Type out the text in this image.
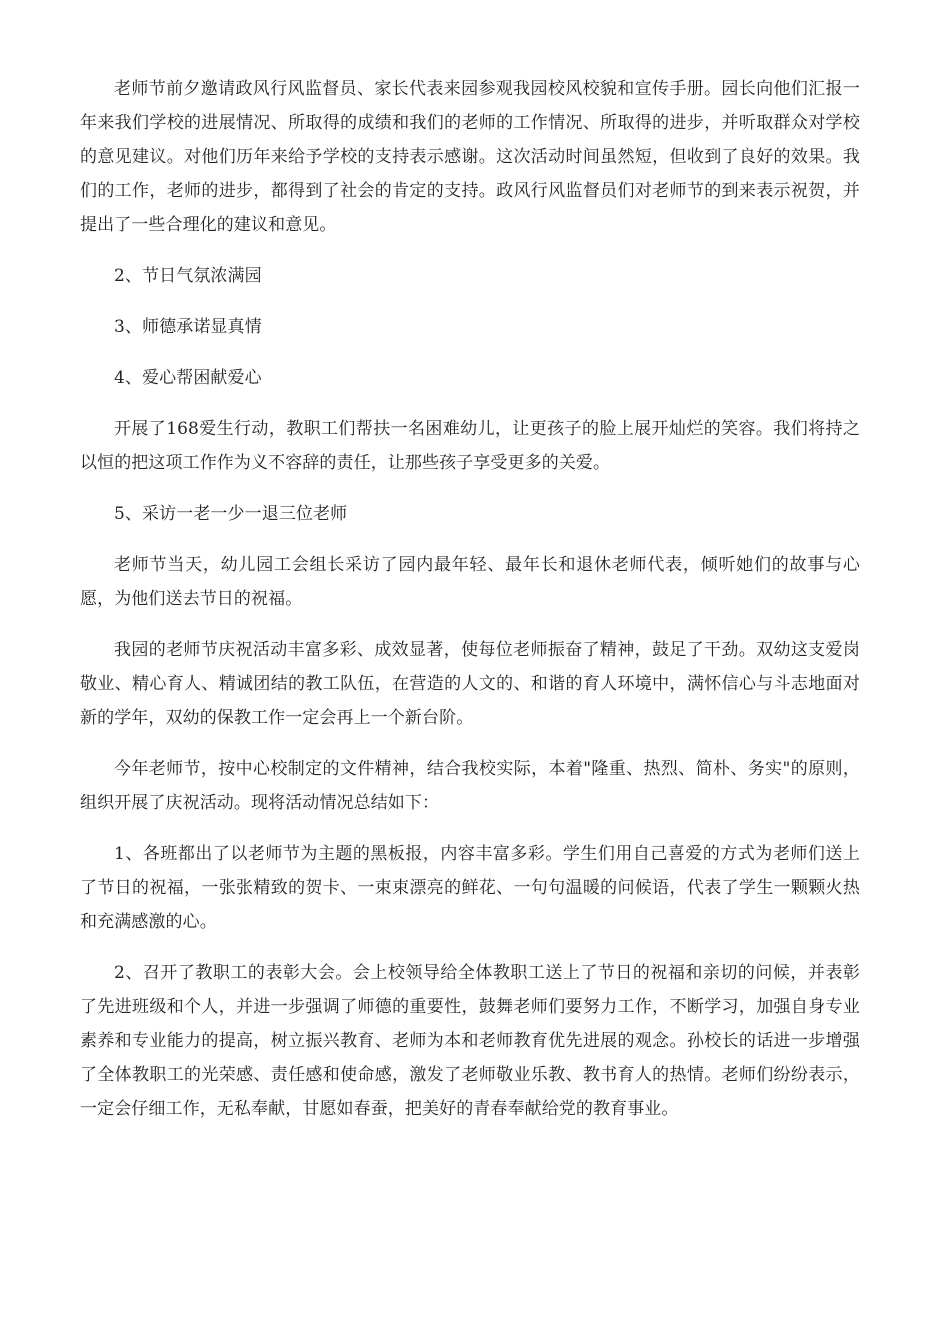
老师节前夕邀请政风行风监督员、家长代表来园参观我园校风校貌和宣传手册。园长向他们汇报一年来我们学校的进展情况、所取得的成绩和我们的老师的工作情况、所取得的进步，并听取群众对学校的意见建议。对他们历年来给予学校的支持表示感谢。这次活动时间虽然短，但收到了良好的效果。我们的工作，老师的进步，都得到了社会的肯定的支持。政风行风监督员们对老师节的到来表示祝贺，并提出了一些合理化的建议和意见。

2、节日气氛浓满园

3、师德承诺显真情

4、爱心帮困献爱心

开展了168爱生行动，教职工们帮扶一名困难幼儿，让更孩子的脸上展开灿烂的笑容。我们将持之以恒的把这项工作作为义不容辞的责任，让那些孩子享受更多的关爱。

5、采访一老一少一退三位老师

老师节当天，幼儿园工会组长采访了园内最年轻、最年长和退休老师代表，倾听她们的故事与心愿，为他们送去节日的祝福。

我园的老师节庆祝活动丰富多彩、成效显著，使每位老师振奋了精神，鼓足了干劲。双幼这支爱岗敬业、精心育人、精诚团结的教工队伍，在营造的人文的、和谐的育人环境中，满怀信心与斗志地面对新的学年，双幼的保教工作一定会再上一个新台阶。

今年老师节，按中心校制定的文件精神，结合我校实际，本着"隆重、热烈、简朴、务实"的原则，组织开展了庆祝活动。现将活动情况总结如下：

1、各班都出了以老师节为主题的黑板报，内容丰富多彩。学生们用自己喜爱的方式为老师们送上了节日的祝福，一张张精致的贺卡、一束束漂亮的鲜花、一句句温暖的问候语，代表了学生一颗颗火热和充满感激的心。

2、召开了教职工的表彰大会。会上校领导给全体教职工送上了节日的祝福和亲切的问候，并表彰了先进班级和个人，并进一步强调了师德的重要性，鼓舞老师们要努力工作，不断学习，加强自身专业素养和专业能力的提高，树立振兴教育、老师为本和老师教育优先进展的观念。孙校长的话进一步增强了全体教职工的光荣感、责任感和使命感，激发了老师敬业乐教、教书育人的热情。老师们纷纷表示，一定会仔细工作，无私奉献，甘愿如春蚕，把美好的青春奉献给党的教育事业。
